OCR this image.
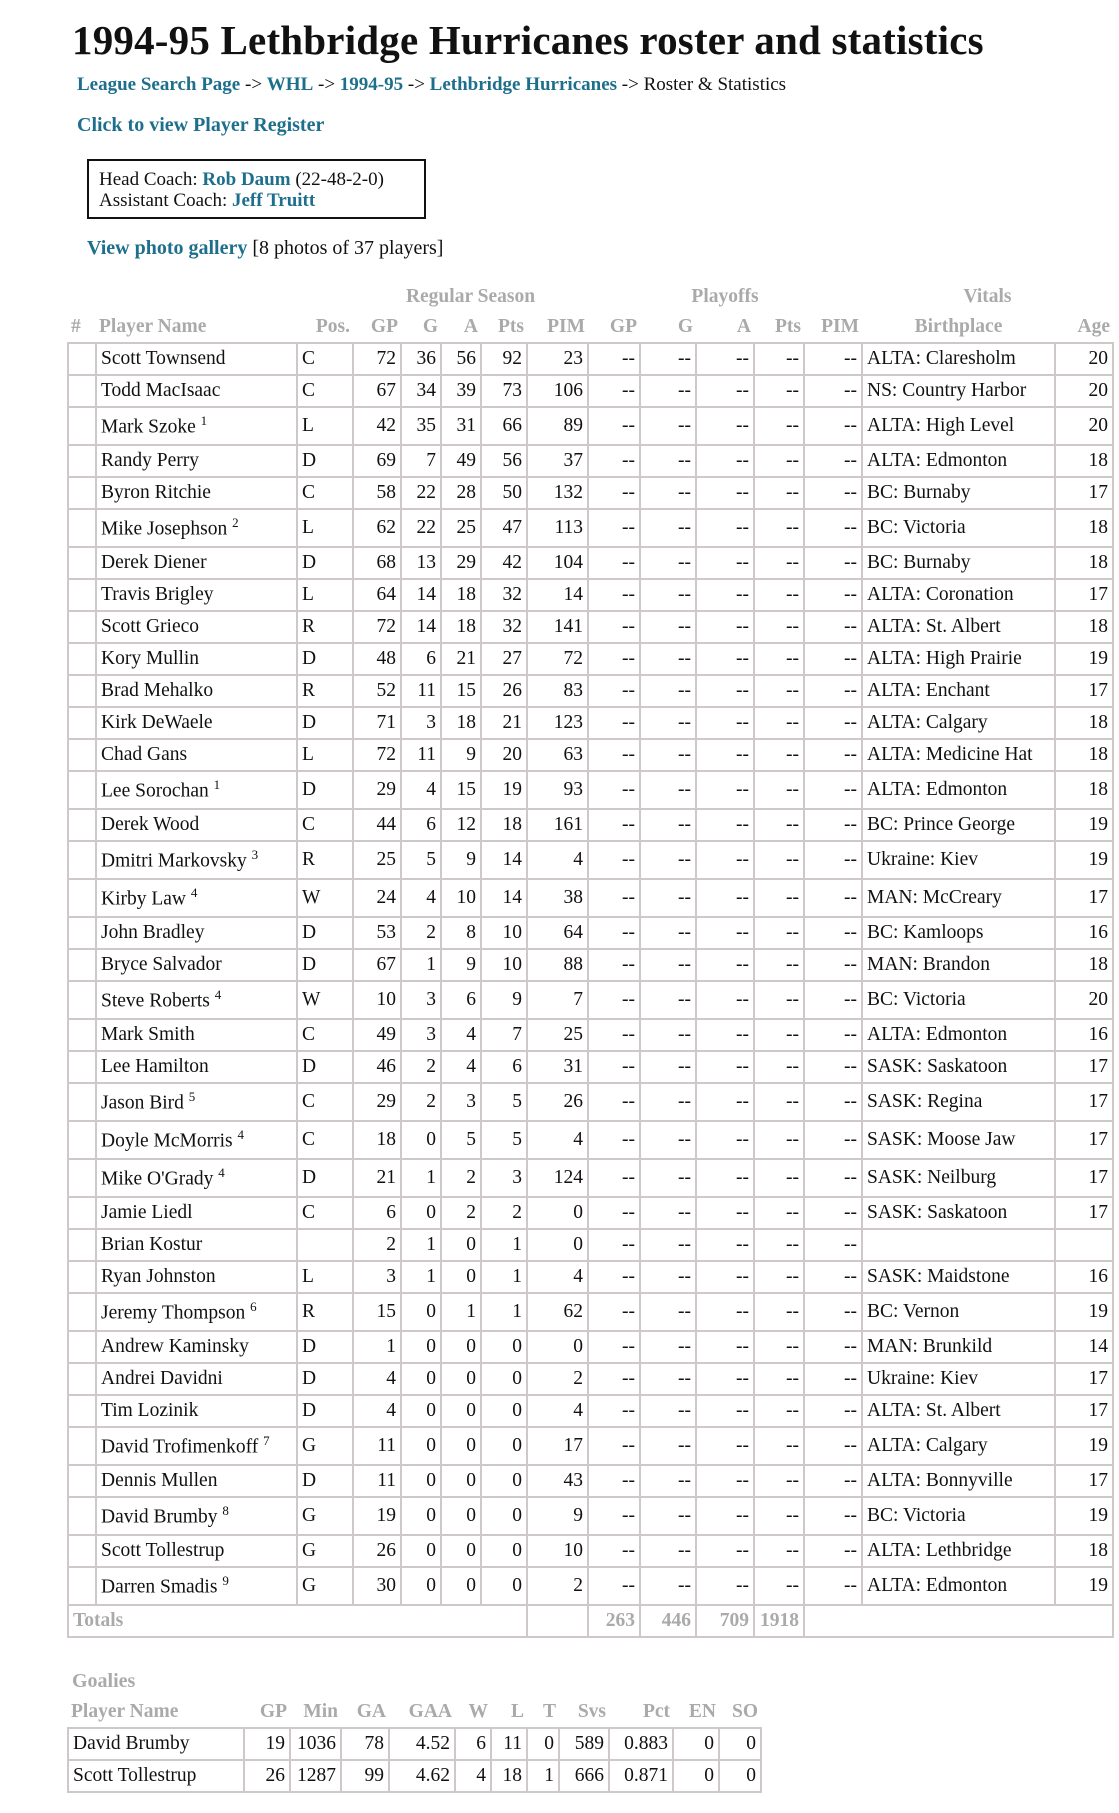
1994-95 Lethbridge Hurricanes roster and statistics
League Search Page -> WHL -> 1994-95 -> Lethbridge Hurricanes -> Roster & Statistics
Click to view Player Register
Head Coach: Rob Daum (22-48-2-0)
Assistant Coach: Jeff Truitt
View photo gallery [8 photos of 37 players]
			Regular Season					Playoffs					Vitals	
#	Player Name	Pos.	GP	G	A	Pts	PIM	GP	G	A	Pts	PIM	Birthplace	Age
	Scott Townsend	C	72	36	56	92	23	--	--	--	--	--	ALTA: Claresholm	20
	Todd MacIsaac	C	67	34	39	73	106	--	--	--	--	--	NS: Country Harbor	20
	Mark Szoke $^1$	L	42	35	31	66	89	--	--	--	--	--	ALTA: High Level	20
	Randy Perry	D	69	7	49	56	37	--	--	--	--	--	ALTA: Edmonton	18
	Byron Ritchie	C	58	22	28	50	132	--	--	--	--	--	BC: Burnaby	17
	Mike Josephson $^2$	L	62	22	25	47	113	--	--	--	--	--	BC: Victoria	18
	Derek Diener	D	68	13	29	42	104	--	--	--	--	--	BC: Burnaby	18
	Travis Brigley	L	64	14	18	32	14	--	--	--	--	--	ALTA: Coronation	17
	Scott Grieco	R	72	14	18	32	141	--	--	--	--	--	ALTA: St. Albert	18
	Kory Mullin	D	48	6	21	27	72	--	--	--	--	--	ALTA: High Prairie	19
	Brad Mehalko	R	52	11	15	26	83	--	--	--	--	--	ALTA: Enchant	17
	Kirk DeWaele	D	71	3	18	21	123	--	--	--	--	--	ALTA: Calgary	18
	Chad Gans	L	72	11	9	20	63	--	--	--	--	--	ALTA: Medicine Hat	18
	Lee Sorochan $^1$	D	29	4	15	19	93	--	--	--	--	--	ALTA: Edmonton	18
	Derek Wood	C	44	6	12	18	161	--	--	--	--	--	BC: Prince George	19
	Dmitri Markovsky $^3$	R	25	5	9	14	4	--	--	--	--	--	Ukraine: Kiev	19
	Kirby Law $^4$	W	24	4	10	14	38	--	--	--	--	--	MAN: McCreary	17
	John Bradley	D	53	2	8	10	64	--	--	--	--	--	BC: Kamloops	16
	Bryce Salvador	D	67	1	9	10	88	--	--	--	--	--	MAN: Brandon	18
	Steve Roberts $^4$	W	10	3	6	9	7	--	--	--	--	--	BC: Victoria	20
	Mark Smith	C	49	3	4	7	25	--	--	--	--	--	ALTA: Edmonton	16
	Lee Hamilton	D	46	2	4	6	31	--	--	--	--	--	SASK: Saskatoon	17
	Jason Bird $^5$	C	29	2	3	5	26	--	--	--	--	--	SASK: Regina	17
	Doyle McMorris $^4$	C	18	0	5	5	4	--	--	--	--	--	SASK: Moose Jaw	17
	Mike O'Grady $^4$	D	21	1	2	3	124	--	--	--	--	--	SASK: Neilburg	17
	Jamie Liedl	C	6	0	2	2	0	--	--	--	--	--	SASK: Saskatoon	17
	Brian Kostur		2	1	0	1	0	--	--	--	--	--		
	Ryan Johnston	L	3	1	0	1	4	--	--	--	--	--	SASK: Maidstone	16
	Jeremy Thompson $^6$	R	15	0	1	1	62	--	--	--	--	--	BC: Vernon	19
	Andrew Kaminsky	D	1	0	0	0	0	--	--	--	--	--	MAN: Brunkild	14
	Andrei Davidni	D	4	0	0	0	2	--	--	--	--	--	Ukraine: Kiev	17
	Tim Lozinik	D	4	0	0	0	4	--	--	--	--	--	ALTA: St. Albert	17
	David Trofimenkoff $^7$	G	11	0	0	0	17	--	--	--	--	--	ALTA: Calgary	19
	Dennis Mullen	D	11	0	0	0	43	--	--	--	--	--	ALTA: Bonnyville	17
	David Brumby $^8$	G	19	0	0	0	9	--	--	--	--	--	BC: Victoria	19
	Scott Tollestrup	G	26	0	0	0	10	--	--	--	--	--	ALTA: Lethbridge	18
	Darren Smadis $^9$	G	30	0	0	0	2	--	--	--	--	--	ALTA: Edmonton	19
Totals								263	446	709	1918			
Goalies
Player Name	GP	Min	GA	GAA	W	L	T	Svs	Pct	EN	SO
David Brumby	19	1036	78	4.52	6	11	0	589	0.883	0	0
Scott Tollestrup	26	1287	99	4.62	4	18	1	666	0.871	0	0
